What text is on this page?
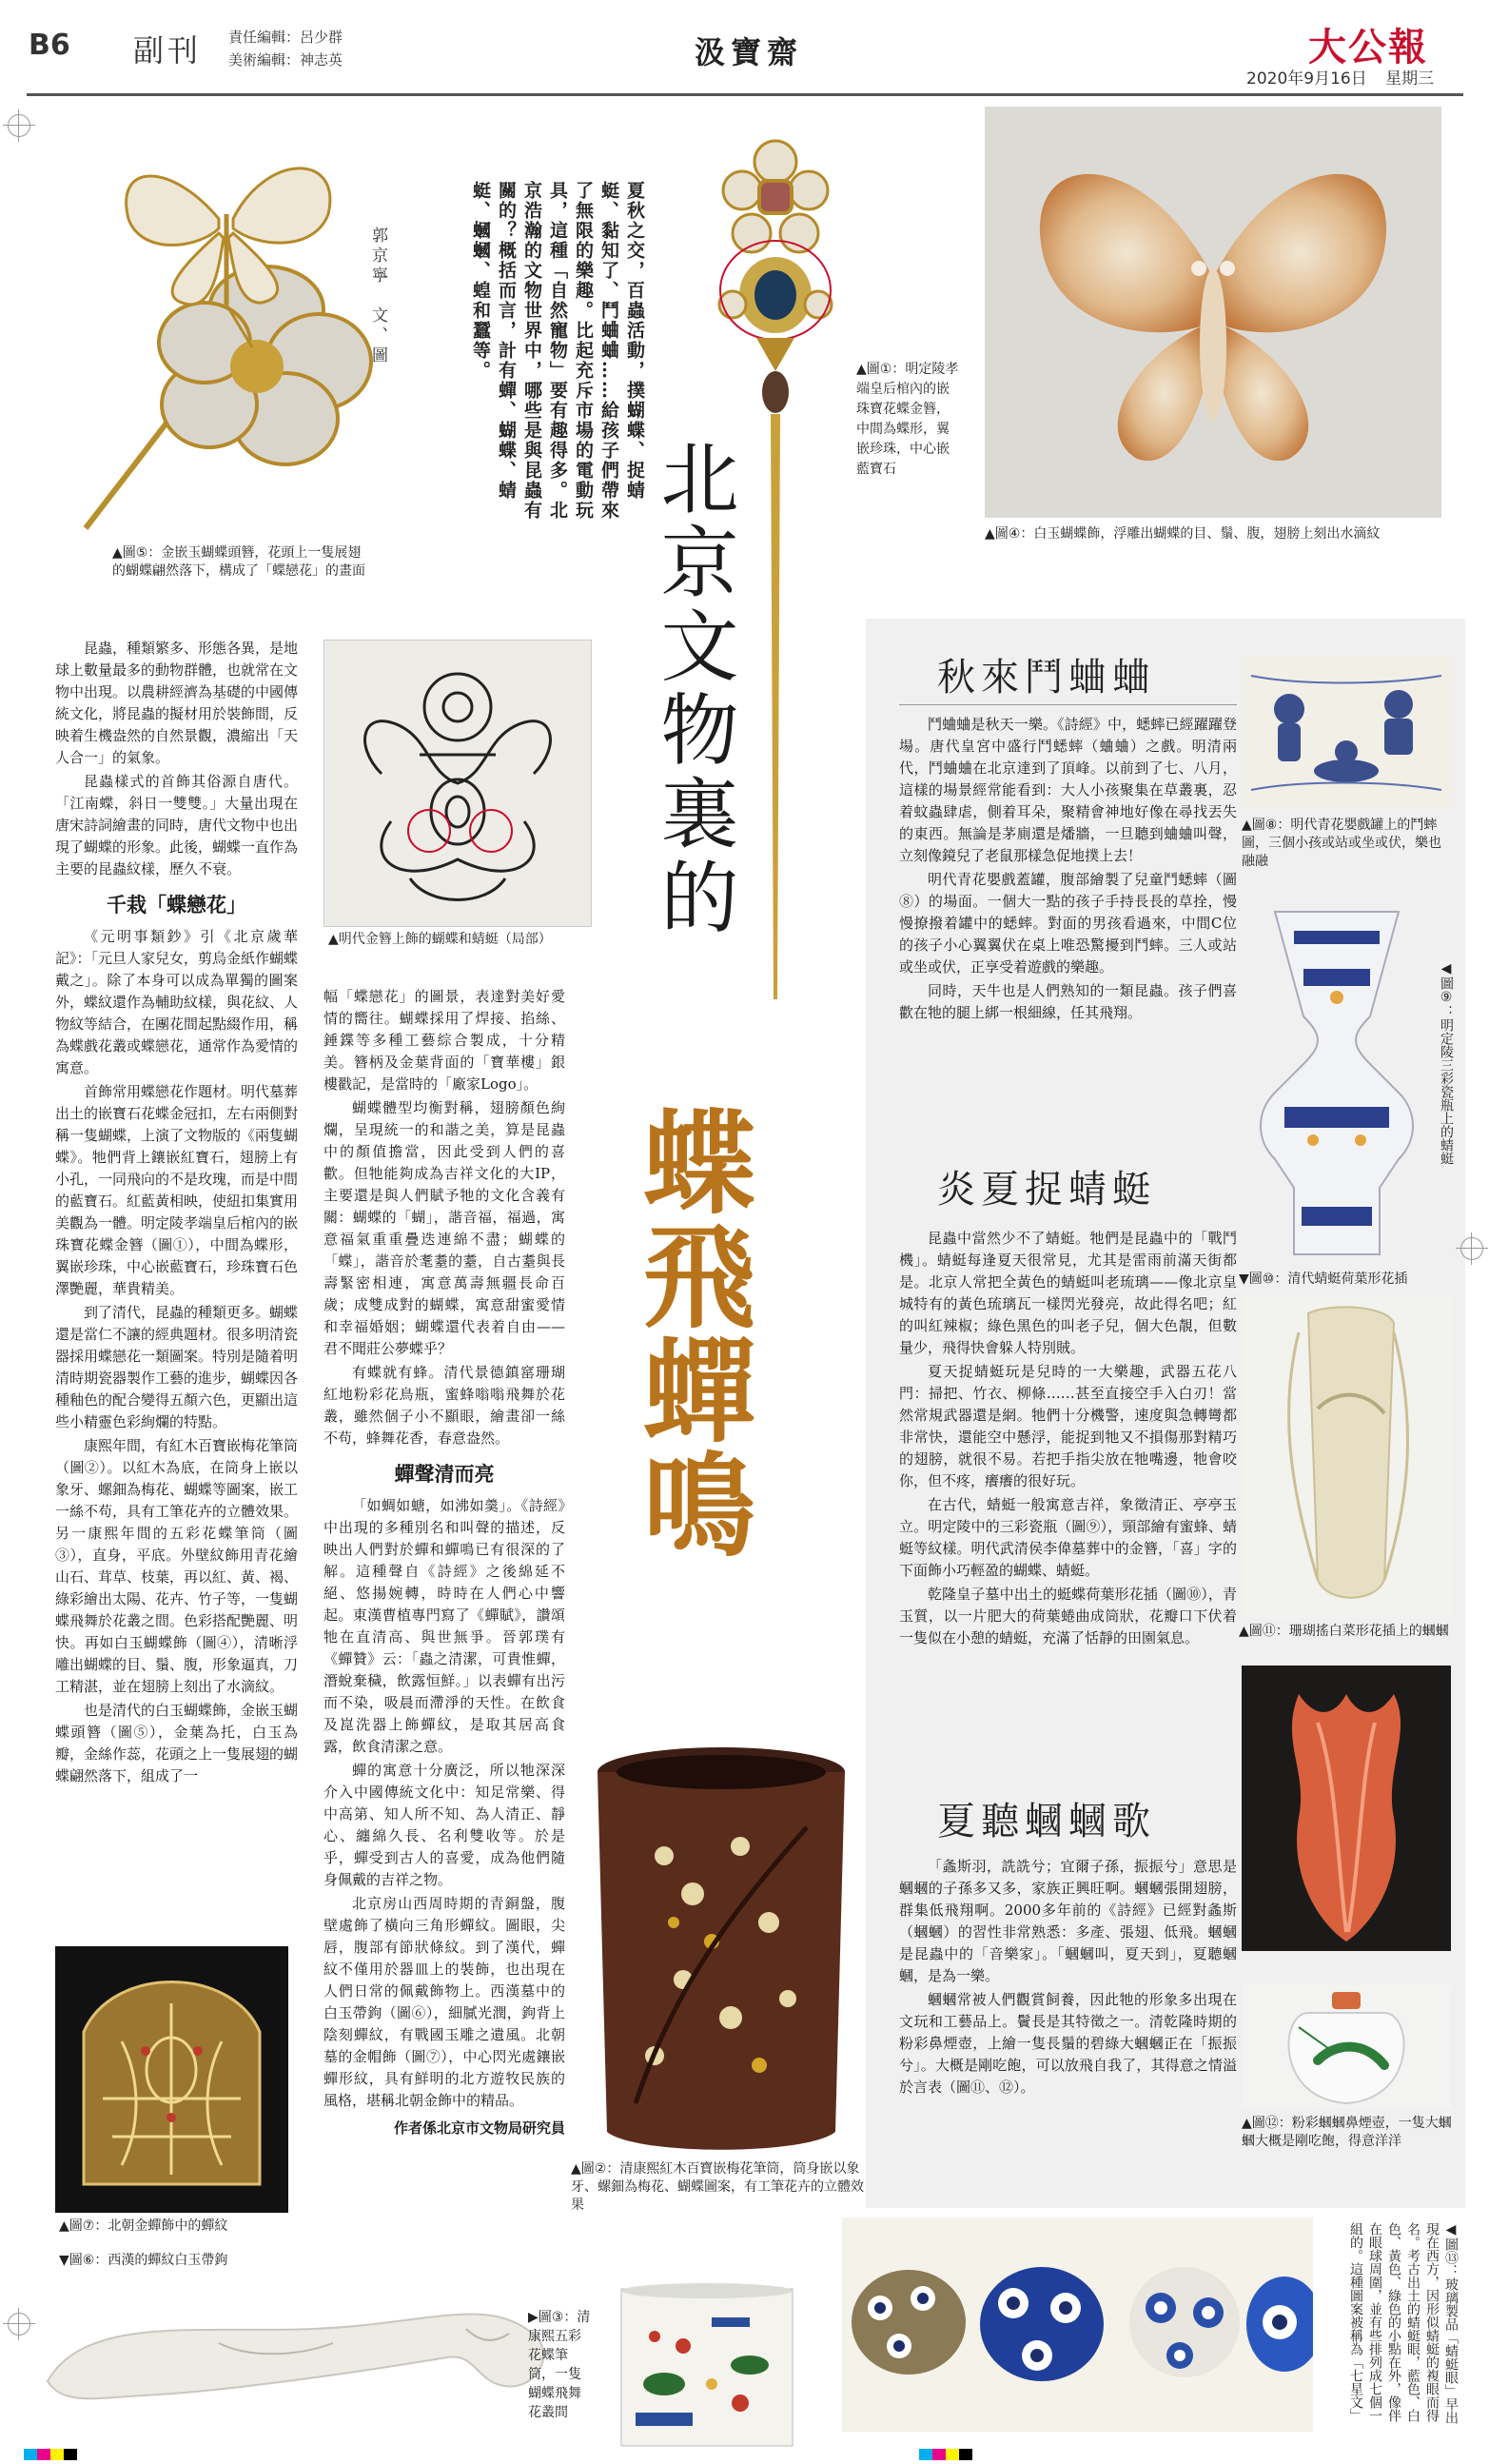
B6 副刊 責任編輯：呂少群
美術編輯：神志英	汲寶齋	大公報
2020年9月16日 星期三
▲圖⑤：金嵌玉蝴蝶頭簪，花頭上一隻展翅的蝴蝶翩然落下，構成了「蝶戀花」的畫面
郭京寧　文、圖	夏秋之交，百蟲活動，撲蝴蝶、捉蜻蜓、黏知了、鬥蛐蛐……給孩子們帶來了無限的樂趣。比起充斥市場的電動玩具，這種「自然寵物」要有趣得多。北京浩瀚的文物世界中，哪些是與昆蟲有關的？概括而言，計有蟬、蝴蝶、蜻蜓、蟈蟈、蝗和蠶等。	▲圖①：明定陵孝端皇后棺內的嵌珠寶花蝶金簪，中間為蝶形，翼嵌珍珠，中心嵌藍寶石
▲圖④：白玉蝴蝶飾，浮雕出蝴蝶的目、鬚、腹，翅膀上刻出水滴紋
北京文物裏的
蝶飛蟬鳴

昆蟲，種類繁多、形態各異，是地球上數量最多的動物群體，也就常在文物中出現。以農耕經濟為基礎的中國傳統文化，將昆蟲的擬材用於裝飾間，反映着生機盎然的自然景觀，濃縮出「天人合一」的氣象。

昆蟲樣式的首飾其俗源自唐代。「江南蝶，斜日一雙雙。」大量出現在唐宋詩詞繪畫的同時，唐代文物中也出現了蝴蝶的形象。此後，蝴蝶一直作為主要的昆蟲紋樣，歷久不衰。

千栽「蝶戀花」

《元明事類鈔》引《北京歲華記》：「元旦人家兒女，剪烏金紙作蝴蝶戴之」。除了本身可以成為單獨的圖案外，蝶紋還作為輔助紋樣，與花紋、人物紋等結合，在團花間起點綴作用，稱為蝶戲花叢或蝶戀花，通常作為愛情的寓意。

首飾常用蝶戀花作題材。明代墓葬出土的嵌寶石花蝶金冠扣，左右兩側對稱一隻蝴蝶，上演了文物版的《兩隻蝴蝶》。牠們背上鑲嵌紅寶石，翅膀上有小孔，一同飛向的不是玫瑰，而是中間的藍寶石。紅藍黃相映，使紐扣集實用美觀為一體。明定陵孝端皇后棺內的嵌珠寶花蝶金簪（圖①），中間為蝶形，翼嵌珍珠，中心嵌藍寶石，珍珠寶石色澤艷麗，華貴精美。

到了清代，昆蟲的種類更多。蝴蝶還是當仁不讓的經典題材。很多明清瓷器採用蝶戀花一類圖案。特別是隨着明清時期瓷器製作工藝的進步，蝴蝶因各種釉色的配合變得五顏六色，更顯出這些小精靈色彩絢爛的特點。

康熙年間，有紅木百寶嵌梅花筆筒（圖②）。以紅木為底，在筒身上嵌以象牙、螺鈿為梅花、蝴蝶等圖案，嵌工一絲不苟，具有工筆花卉的立體效果。另一康熙年間的五彩花蝶筆筒（圖③），直身，平底。外壁紋飾用青花繪山石、茸草、枝葉，再以紅、黃、褐、綠彩繪出太陽、花卉、竹子等，一隻蝴蝶飛舞於花叢之間。色彩搭配艷麗、明快。再如白玉蝴蝶飾（圖④），清晰浮雕出蝴蝶的目、鬚、腹，形象逼真，刀工精湛，並在翅膀上刻出了水滴紋。

也是清代的白玉蝴蝶飾，金嵌玉蝴蝶頭簪（圖⑤），金葉為托，白玉為瓣，金絲作蕊，花頭之上一隻展翅的蝴蝶翩然落下，組成了一

▲明代金簪上飾的蝴蝶和蜻蜓（局部）

幅「蝶戀花」的圖景，表達對美好愛情的嚮往。蝴蝶採用了焊接、掐絲、錘鍱等多種工藝綜合製成，十分精美。簪柄及金葉背面的「寶華樓」銀樓戳記，是當時的「廠家Logo」。

蝴蝶體型均衡對稱，翅膀顏色絢爛，呈現統一的和諧之美，算是昆蟲中的顏值擔當，因此受到人們的喜歡。但牠能夠成為吉祥文化的大IP，主要還是與人們賦予牠的文化含義有關：蝴蝶的「蝴」，諧音福，福過，寓意福氣重重疊迭連綿不盡；蝴蝶的「蝶」，諧音於耄耋的耋，自古耋與長壽緊密相連，寓意萬壽無疆長命百歲；成雙成對的蝴蝶，寓意甜蜜愛情和幸福婚姻；蝴蝶還代表着自由——君不聞莊公夢蝶乎？

有蝶就有蜂。清代景德鎮窰珊瑚紅地粉彩花鳥瓶，蜜蜂嗡嗡飛舞於花叢，雖然個子小不顯眼，繪畫卻一絲不苟，蜂舞花香，春意盎然。

蟬聲清而亮

「如蜩如螗，如沸如羹」。《詩經》中出現的多種別名和叫聲的描述，反映出人們對於蟬和蟬鳴已有很深的了解。這種聲自《詩經》之後綿延不絕、悠揚婉轉，時時在人們心中響起。東漢曹植專門寫了《蟬賦》，讚頌牠在直清高、與世無爭。晉郭璞有《蟬贊》云：「蟲之清潔，可貴惟蟬，潛蛻棄穢，飲露恒鮮。」以表蟬有出污而不染，吸晨而滯淨的天性。在飲食及崑洗器上飾蟬紋，是取其居高食露，飲食清潔之意。

蟬的寓意十分廣泛，所以牠深深介入中國傳統文化中：知足常樂、得中高第、知人所不知、為人清正、靜心、纏綿久長、名利雙收等。於是乎，蟬受到古人的喜愛，成為他們隨身佩戴的吉祥之物。

北京房山西周時期的青銅盤，腹壁處飾了橫向三角形蟬紋。圖眼，尖唇，腹部有節狀條紋。到了漢代，蟬紋不僅用於器皿上的裝飾，也出現在人們日常的佩戴飾物上。西漢墓中的白玉帶鉤（圖⑥），細膩光潤，鉤背上陰刻蟬紋，有戰國玉雕之遺風。北朝墓的金帽飾（圖⑦），中心閃光處鑲嵌蟬形紋，具有鮮明的北方遊牧民族的風格，堪稱北朝金飾中的精品。

作者係北京市文物局研究員
▲圖⑦：北朝金蟬飾中的蟬紋
▼圖⑥：西漢的蟬紋白玉帶鉤
▲圖②：清康熙紅木百寶嵌梅花筆筒，筒身嵌以象牙、螺鈿為梅花、蝴蝶圖案，有工筆花卉的立體效果
▶圖③：清康熙五彩花蝶筆筒，一隻蝴蝶飛舞花叢間
秋來鬥蛐蛐

鬥蛐蛐是秋天一樂。《詩經》中，蟋蟀已經躍躍登場。唐代皇宮中盛行鬥蟋蟀（蛐蛐）之戲。明清兩代，鬥蛐蛐在北京達到了頂峰。以前到了七、八月，這樣的場景經常能看到：大人小孩聚集在草叢裏，忍着蚊蟲肆虐，側着耳朵，聚精會神地好像在尋找丟失的東西。無論是茅廁還是燔牆，一旦聽到蛐蛐叫聲，立刻像鏡兒了老鼠那樣急促地撲上去！

明代青花嬰戲蓋罐，腹部繪製了兒童鬥蟋蟀（圖⑧）的場面。一個大一點的孩子手持長長的草拴，慢慢撩撥着罐中的蟋蟀。對面的男孩看過來，中間C位的孩子小心翼翼伏在桌上唯恐驚擾到鬥蟀。三人或站或坐或伏，正享受着遊戲的樂趣。

同時，天牛也是人們熟知的一類昆蟲。孩子們喜歡在牠的腿上綁一根細線，任其飛翔。

▲圖⑧：明代青花嬰戲罐上的鬥蟀圖，三個小孩或站或坐或伏，樂也融融
◀圖⑨：明定陵三彩瓷瓶上的蜻蜓
炎夏捉蜻蜓

昆蟲中當然少不了蜻蜓。牠們是昆蟲中的「戰鬥機」。蜻蜓每逢夏天很常見，尤其是雷雨前滿天街都是。北京人常把全黃色的蜻蜓叫老琉璃——像北京皇城特有的黃色琉璃瓦一樣閃光發亮，故此得名吧；紅的叫紅辣椒；綠色黑色的叫老子兒，個大色靚，但數量少，飛得快會躲人特別賊。

夏天捉蜻蜓玩是兒時的一大樂趣，武器五花八門：掃把、竹衣、柳條……甚至直接空手入白刃！當然常規武器還是網。牠們十分機警，速度與急轉彎都非常快，還能空中懸浮，能捉到牠又不損傷那對精巧的翅膀，就很不易。若把手指尖放在牠嘴邊，牠會咬你，但不疼，癢癢的很好玩。

在古代，蜻蜓一般寓意吉祥，象徵清正、亭亭玉立。明定陵中的三彩瓷瓶（圖⑨），頸部繪有蜜蜂、蜻蜓等紋樣。明代武清侯李偉墓葬中的金簪，「喜」字的下面飾小巧輕盈的蝴蝶、蜻蜓。

乾隆皇子墓中出土的蜓蝶荷葉形花插（圖⑩），青玉質，以一片肥大的荷葉蜷曲成筒狀，花瓣口下伏着一隻似在小憩的蜻蜓，充滿了恬靜的田園氣息。

▼圖⑩：清代蜻蜓荷葉形花插
▲圖⑪：珊瑚搖白菜形花插上的蟈蟈
夏聽蟈蟈歌

「螽斯羽，詵詵兮；宜爾子孫，振振兮」意思是蟈蟈的子孫多又多，家族正興旺啊。蟈蟈張開翅膀，群集低飛翔啊。2000多年前的《詩經》已經對螽斯（蟈蟈）的習性非常熟悉：多產、張翅、低飛。蟈蟈是昆蟲中的「音樂家」。「蟈蟈叫，夏天到」，夏聽蟈蟈，是為一樂。

蟈蟈常被人們觀賞飼養，因此牠的形象多出現在文玩和工藝品上。鬢長是其特徵之一。清乾隆時期的粉彩鼻煙壺，上繪一隻長鬚的碧綠大蟈蟈正在「振振兮」。大概是剛吃飽，可以放飛自我了，其得意之情溢於言表（圖⑪、⑫）。

▲圖⑫：粉彩蟈蟈鼻煙壺，一隻大蟈蟈大概是剛吃飽，得意洋洋
◀圖⑬：玻璃製品「蜻蜓眼」早出現在西方，因形似蜻蜓的複眼而得名。考古出土的蜻蜓眼，藍色、白色、黃色、綠色的小點在外，像伴在眼球周圍，並有些排列成七個一組的。這種圖案被稱為「七星文」
